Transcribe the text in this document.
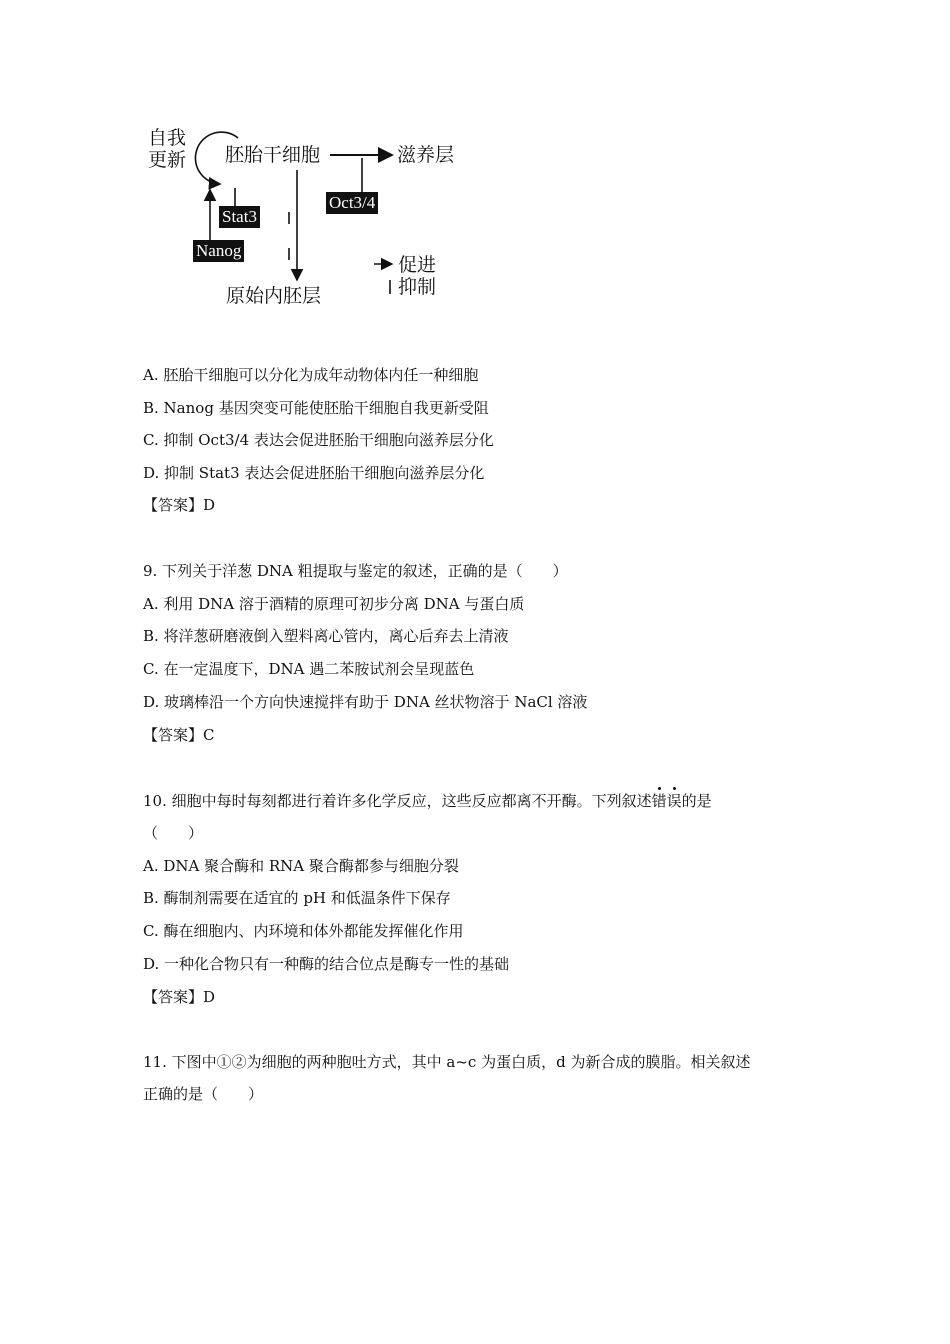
自我
更新 胚胎干细胞	滋养层
原始内胚层
Stat3
Nanog
Oct3/4
促进
抑制
A. 胚胎干细胞可以分化为成年动物体内任一种细胞
B. Nanog 基因突变可能使胚胎干细胞自我更新受阻
C. 抑制 Oct3/4 表达会促进胚胎干细胞向滋养层分化
D. 抑制 Stat3 表达会促进胚胎干细胞向滋养层分化
【答案】D
9. 下列关于洋葱 DNA 粗提取与鉴定的叙述，正确的是（　　）
A. 利用 DNA 溶于酒精的原理可初步分离 DNA 与蛋白质
B. 将洋葱研磨液倒入塑料离心管内，离心后弃去上清液
C. 在一定温度下，DNA 遇二苯胺试剂会呈现蓝色
D. 玻璃棒沿一个方向快速搅拌有助于 DNA 丝状物溶于 NaCl 溶液
【答案】C
10. 细胞中每时每刻都进行着许多化学反应，这些反应都离不开酶。下列叙述错误的是
（　　）
A. DNA 聚合酶和 RNA 聚合酶都参与细胞分裂
B. 酶制剂需要在适宜的 pH 和低温条件下保存
C. 酶在细胞内、内环境和体外都能发挥催化作用
D. 一种化合物只有一种酶的结合位点是酶专一性的基础
【答案】D
11. 下图中①②为细胞的两种胞吐方式，其中 a~c 为蛋白质，d 为新合成的膜脂。相关叙述
正确的是（　　）
